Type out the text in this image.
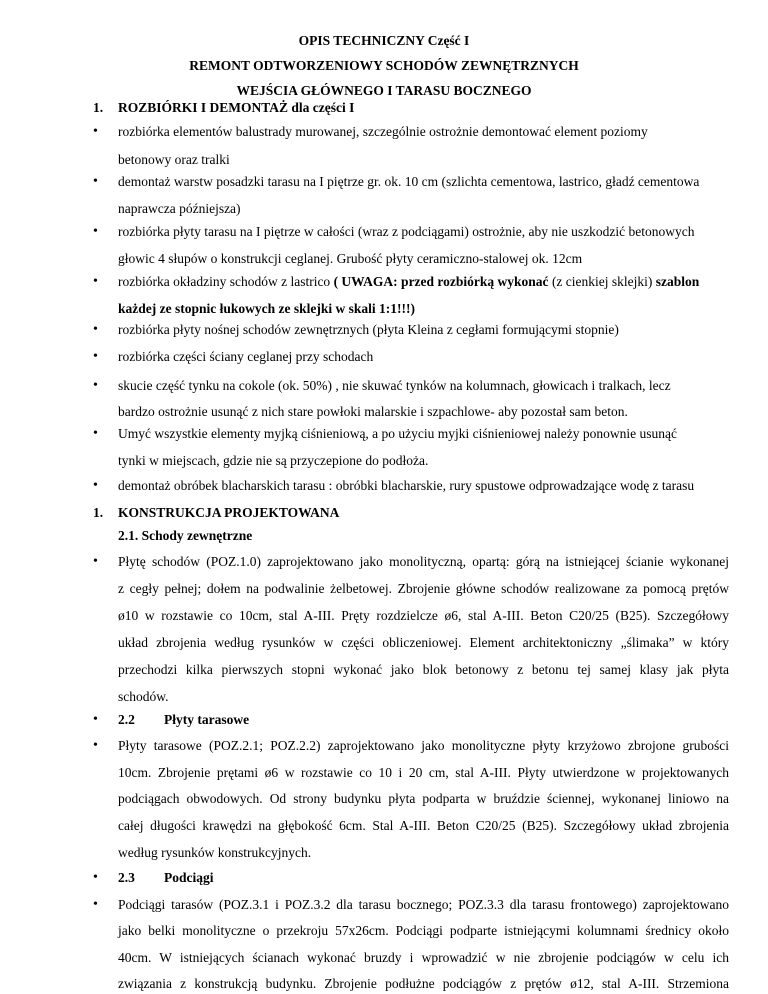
OPIS TECHNICZNY Część I
REMONT ODTWORZENIOWY SCHODÓW ZEWNĘTRZNYCH
WEJŚCIA GŁÓWNEGO I TARASU BOCZNEGO
1. ROZBIÓRKI I DEMONTAŻ dla części I
• rozbiórka elementów balustrady murowanej, szczególnie ostrożnie demontować element poziomy
betonowy oraz tralki
• demontaż warstw posadzki tarasu na I piętrze gr. ok. 10 cm (szlichta cementowa, lastrico, gładź cementowa
naprawcza późniejsza)
• rozbiórka płyty tarasu na I piętrze w całości (wraz z podciągami) ostrożnie, aby nie uszkodzić betonowych
głowic 4 słupów o konstrukcji ceglanej. Grubość płyty ceramiczno-stalowej ok. 12cm
• rozbiórka okładziny schodów z lastrico ( UWAGA: przed rozbiórką wykonać (z cienkiej sklejki) szablon
każdej ze stopnic łukowych ze sklejki w skali 1:1!!!)
• rozbiórka płyty nośnej schodów zewnętrznych (płyta Kleina z cegłami formującymi stopnie)
• rozbiórka części ściany ceglanej przy schodach
• skucie część tynku na cokole (ok. 50%) , nie skuwać tynków na kolumnach, głowicach i tralkach, lecz
bardzo ostrożnie usunąć z nich stare powłoki malarskie i szpachlowe- aby pozostał sam beton.
• Umyć wszystkie elementy myjką ciśnieniową, a po użyciu myjki ciśnieniowej należy ponownie usunąć
tynki w miejscach, gdzie nie są przyczepione do podłoża.
• demontaż obróbek blacharskich tarasu : obróbki blacharskie, rury spustowe odprowadzające wodę z tarasu
1. KONSTRUKCJA PROJEKTOWANA
2.1. Schody zewnętrzne
• Płytę schodów (POZ.1.0) zaprojektowano jako monolityczną, opartą: górą na istniejącej ścianie wykonanej
z cegły pełnej; dołem na podwalinie żelbetowej. Zbrojenie główne schodów realizowane za pomocą prętów
ø10 w rozstawie co 10cm, stal A-III. Pręty rozdzielcze ø6, stal A-III. Beton C20/25 (B25). Szczegółowy
układ zbrojenia według rysunków w części obliczeniowej. Element architektoniczny „ślimaka” w który
przechodzi kilka pierwszych stopni wykonać jako blok betonowy z betonu tej samej klasy jak płyta
schodów.
• 2.2 Płyty tarasowe
• Płyty tarasowe (POZ.2.1; POZ.2.2) zaprojektowano jako monolityczne płyty krzyżowo zbrojone grubości
10cm. Zbrojenie prętami ø6 w rozstawie co 10 i 20 cm, stal A-III. Płyty utwierdzone w projektowanych
podciągach obwodowych. Od strony budynku płyta podparta w bruździe ściennej, wykonanej liniowo na
całej długości krawędzi na głębokość 6cm. Stal A-III. Beton C20/25 (B25). Szczegółowy układ zbrojenia
według rysunków konstrukcyjnych.
• 2.3 Podciągi
• Podciągi tarasów (POZ.3.1 i POZ.3.2 dla tarasu bocznego; POZ.3.3 dla tarasu frontowego) zaprojektowano
jako belki monolityczne o przekroju 57x26cm. Podciągi podparte istniejącymi kolumnami średnicy około
40cm. W istniejących ścianach wykonać bruzdy i wprowadzić w nie zbrojenie podciągów w celu ich
związania z konstrukcją budynku. Zbrojenie podłużne podciągów z prętów ø12, stal A-III. Strzemiona
